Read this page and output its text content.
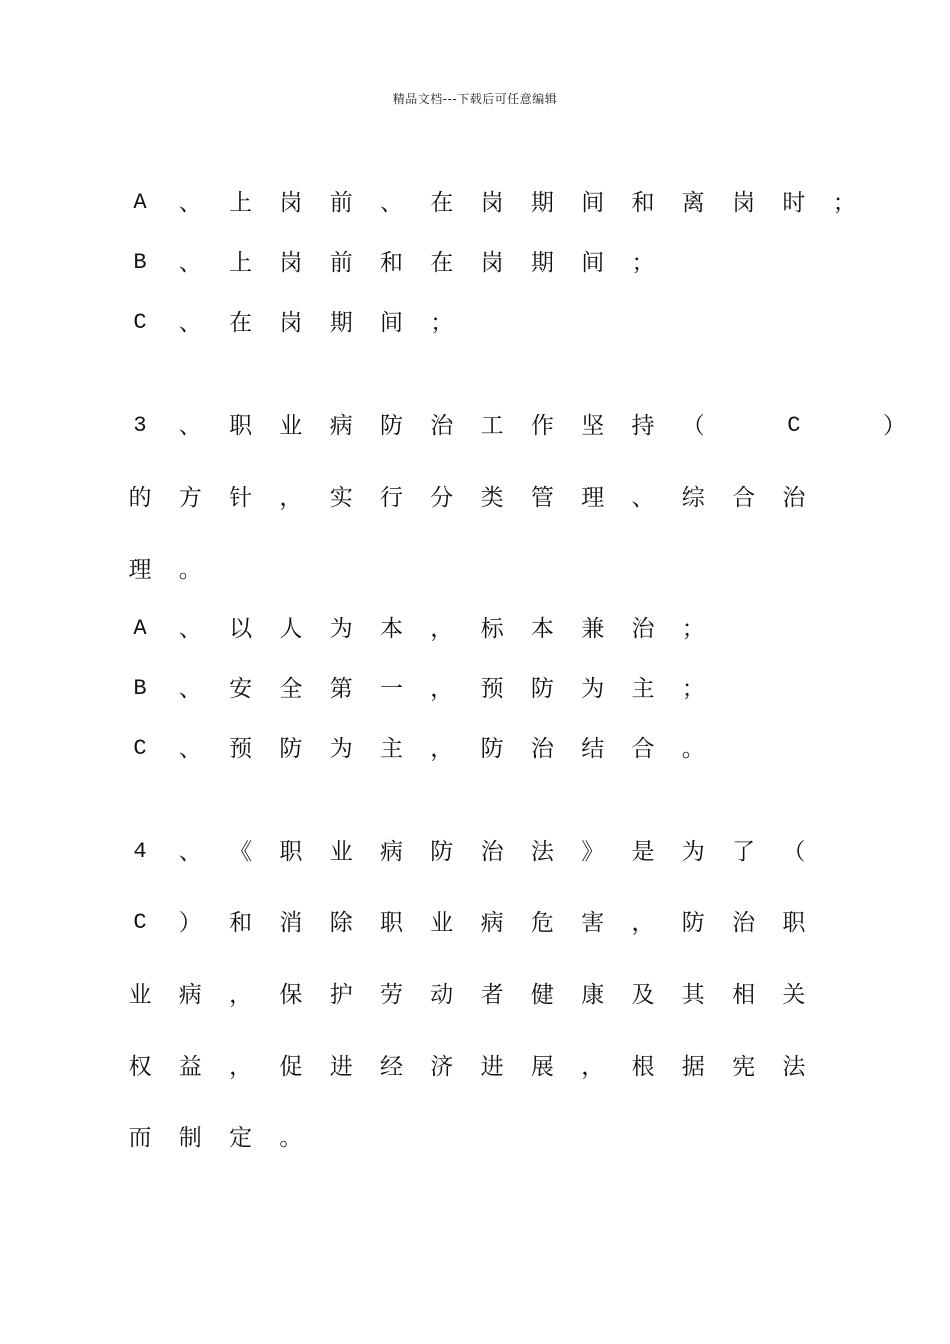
精品文档---下载后可任意编辑
A 、 上 岗 前 、 在 岗 期 间 和 离 岗 时 ；
B 、 上 岗 前 和 在 岗 期 间 ；
C 、 在 岗 期 间 ；
3 、 职 业 病 防 治 工 作 坚 持 （	C	）
的 方 针 ， 实 行 分 类 管 理 、 综 合 治
理 。
A 、 以 人 为 本 ， 标 本 兼 治 ；
B 、 安 全 第 一 ， 预 防 为 主 ；
C 、 预 防 为 主 ， 防 治 结 合 。
4 、 《 职 业 病 防 治 法 》 是 为 了 （
C ） 和 消 除 职 业 病 危 害 ， 防 治 职
业 病 ， 保 护 劳 动 者 健 康 及 其 相 关
权 益 ， 促 进 经 济 进 展 ， 根 据 宪 法
而 制 定 。
